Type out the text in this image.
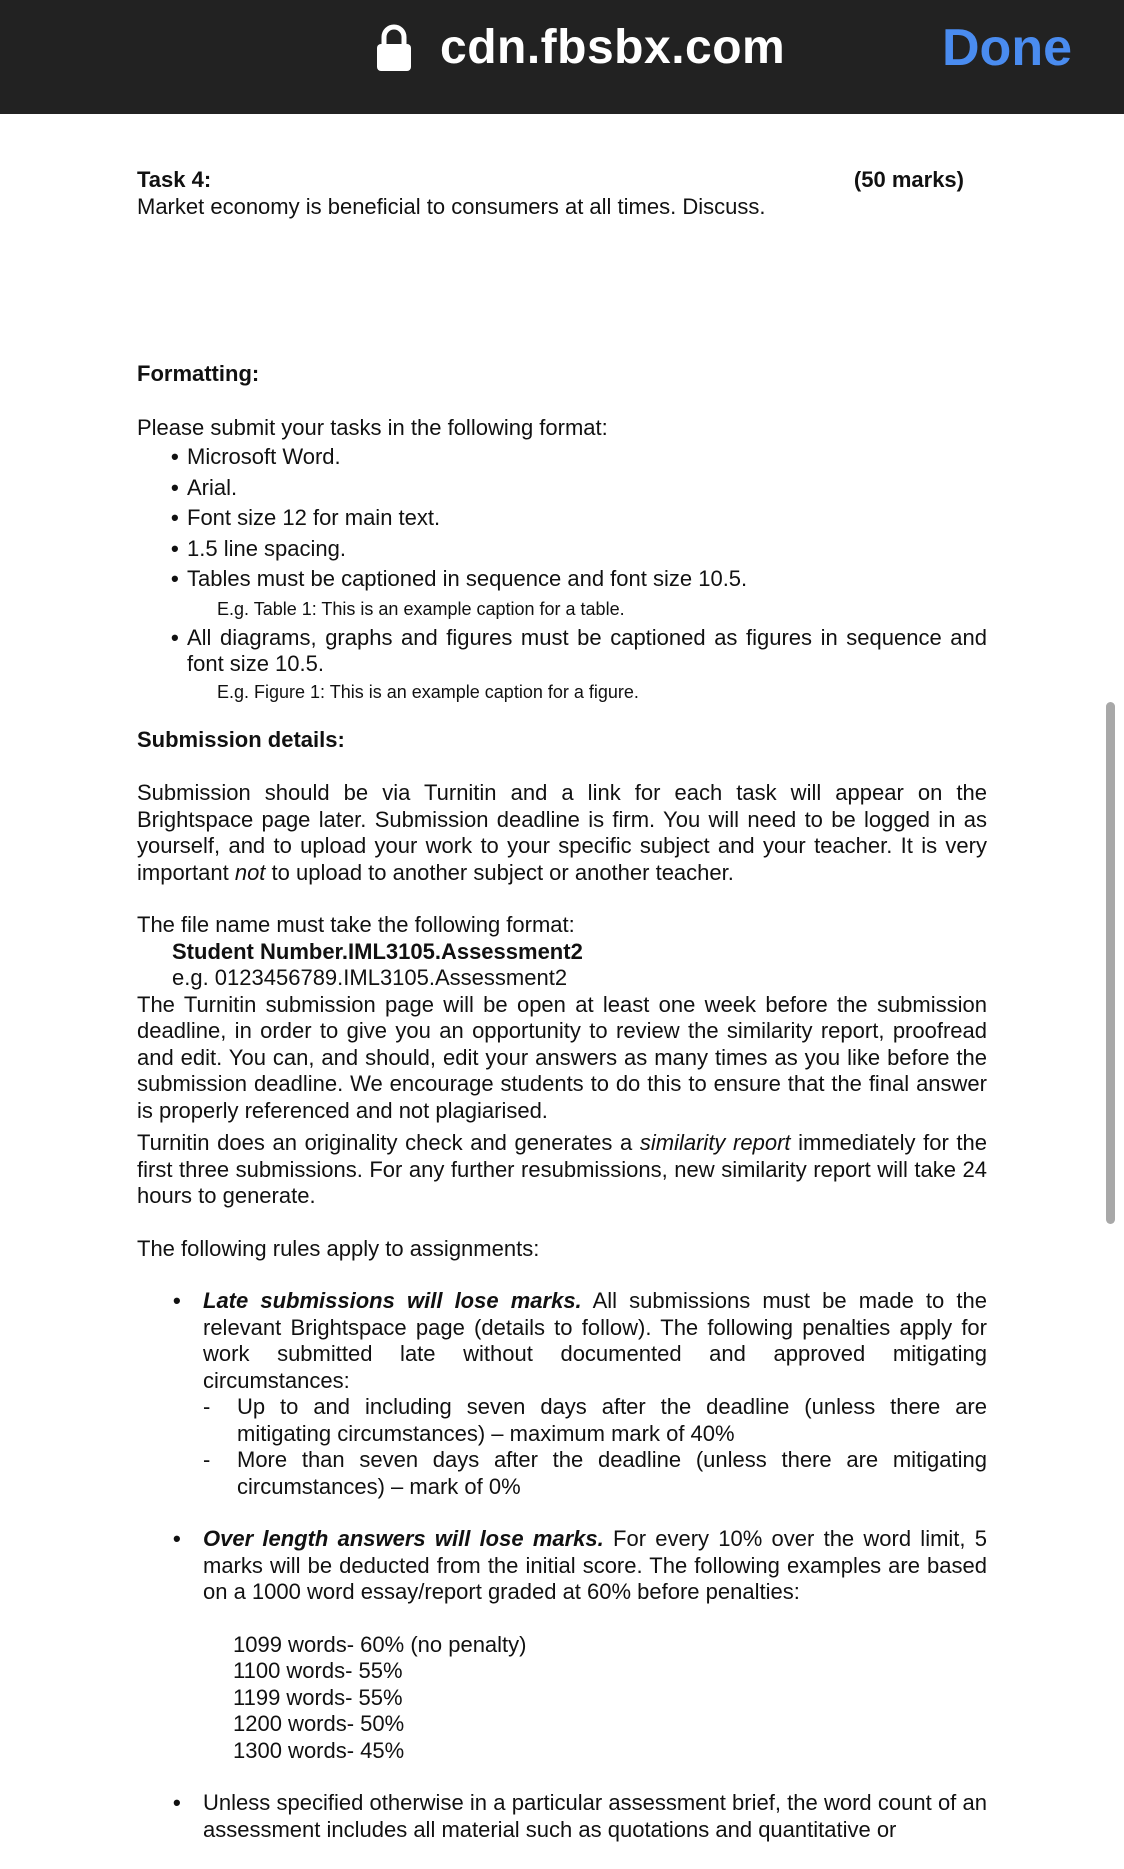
cdn.fbsbx.com	Done

Task 4:	(50 marks)

Market economy is beneficial to consumers at all times. Discuss.

Formatting:

Please submit your tasks in the following format:

• Microsoft Word.
• Arial.
• Font size 12 for main text.
• 1.5 line spacing.
• Tables must be captioned in sequence and font size 10.5.

E.g. Table 1: This is an example caption for a table.

• All diagrams, graphs and figures must be captioned as figures in sequence and font size 10.5.

E.g. Figure 1: This is an example caption for a figure.

Submission details:

Submission should be via Turnitin and a link for each task will appear on the Brightspace page later. Submission deadline is firm. You will need to be logged in as yourself, and to upload your work to your specific subject and your teacher. It is very important not to upload to another subject or another teacher.

The file name must take the following format:

Student Number.IML3105.Assessment2

e.g. 0123456789.IML3105.Assessment2

The Turnitin submission page will be open at least one week before the submission deadline, in order to give you an opportunity to review the similarity report, proofread and edit. You can, and should, edit your answers as many times as you like before the submission deadline. We encourage students to do this to ensure that the final answer is properly referenced and not plagiarised.

Turnitin does an originality check and generates a similarity report immediately for the first three submissions. For any further resubmissions, new similarity report will take 24 hours to generate.

The following rules apply to assignments:

• Late submissions will lose marks. All submissions must be made to the relevant Brightspace page (details to follow). The following penalties apply for work submitted late without documented and approved mitigating circumstances:
- Up to and including seven days after the deadline (unless there are mitigating circumstances) – maximum mark of 40%
- More than seven days after the deadline (unless there are mitigating circumstances) – mark of 0%
• Over length answers will lose marks. For every 10% over the word limit, 5 marks will be deducted from the initial score. The following examples are based on a 1000 word essay/report graded at 60% before penalties:

1099 words- 60% (no penalty)

1100 words- 55%

1199 words- 55%

1200 words- 50%

1300 words- 45%

• Unless specified otherwise in a particular assessment brief, the word count of an assessment includes all material such as quotations and quantitative or
